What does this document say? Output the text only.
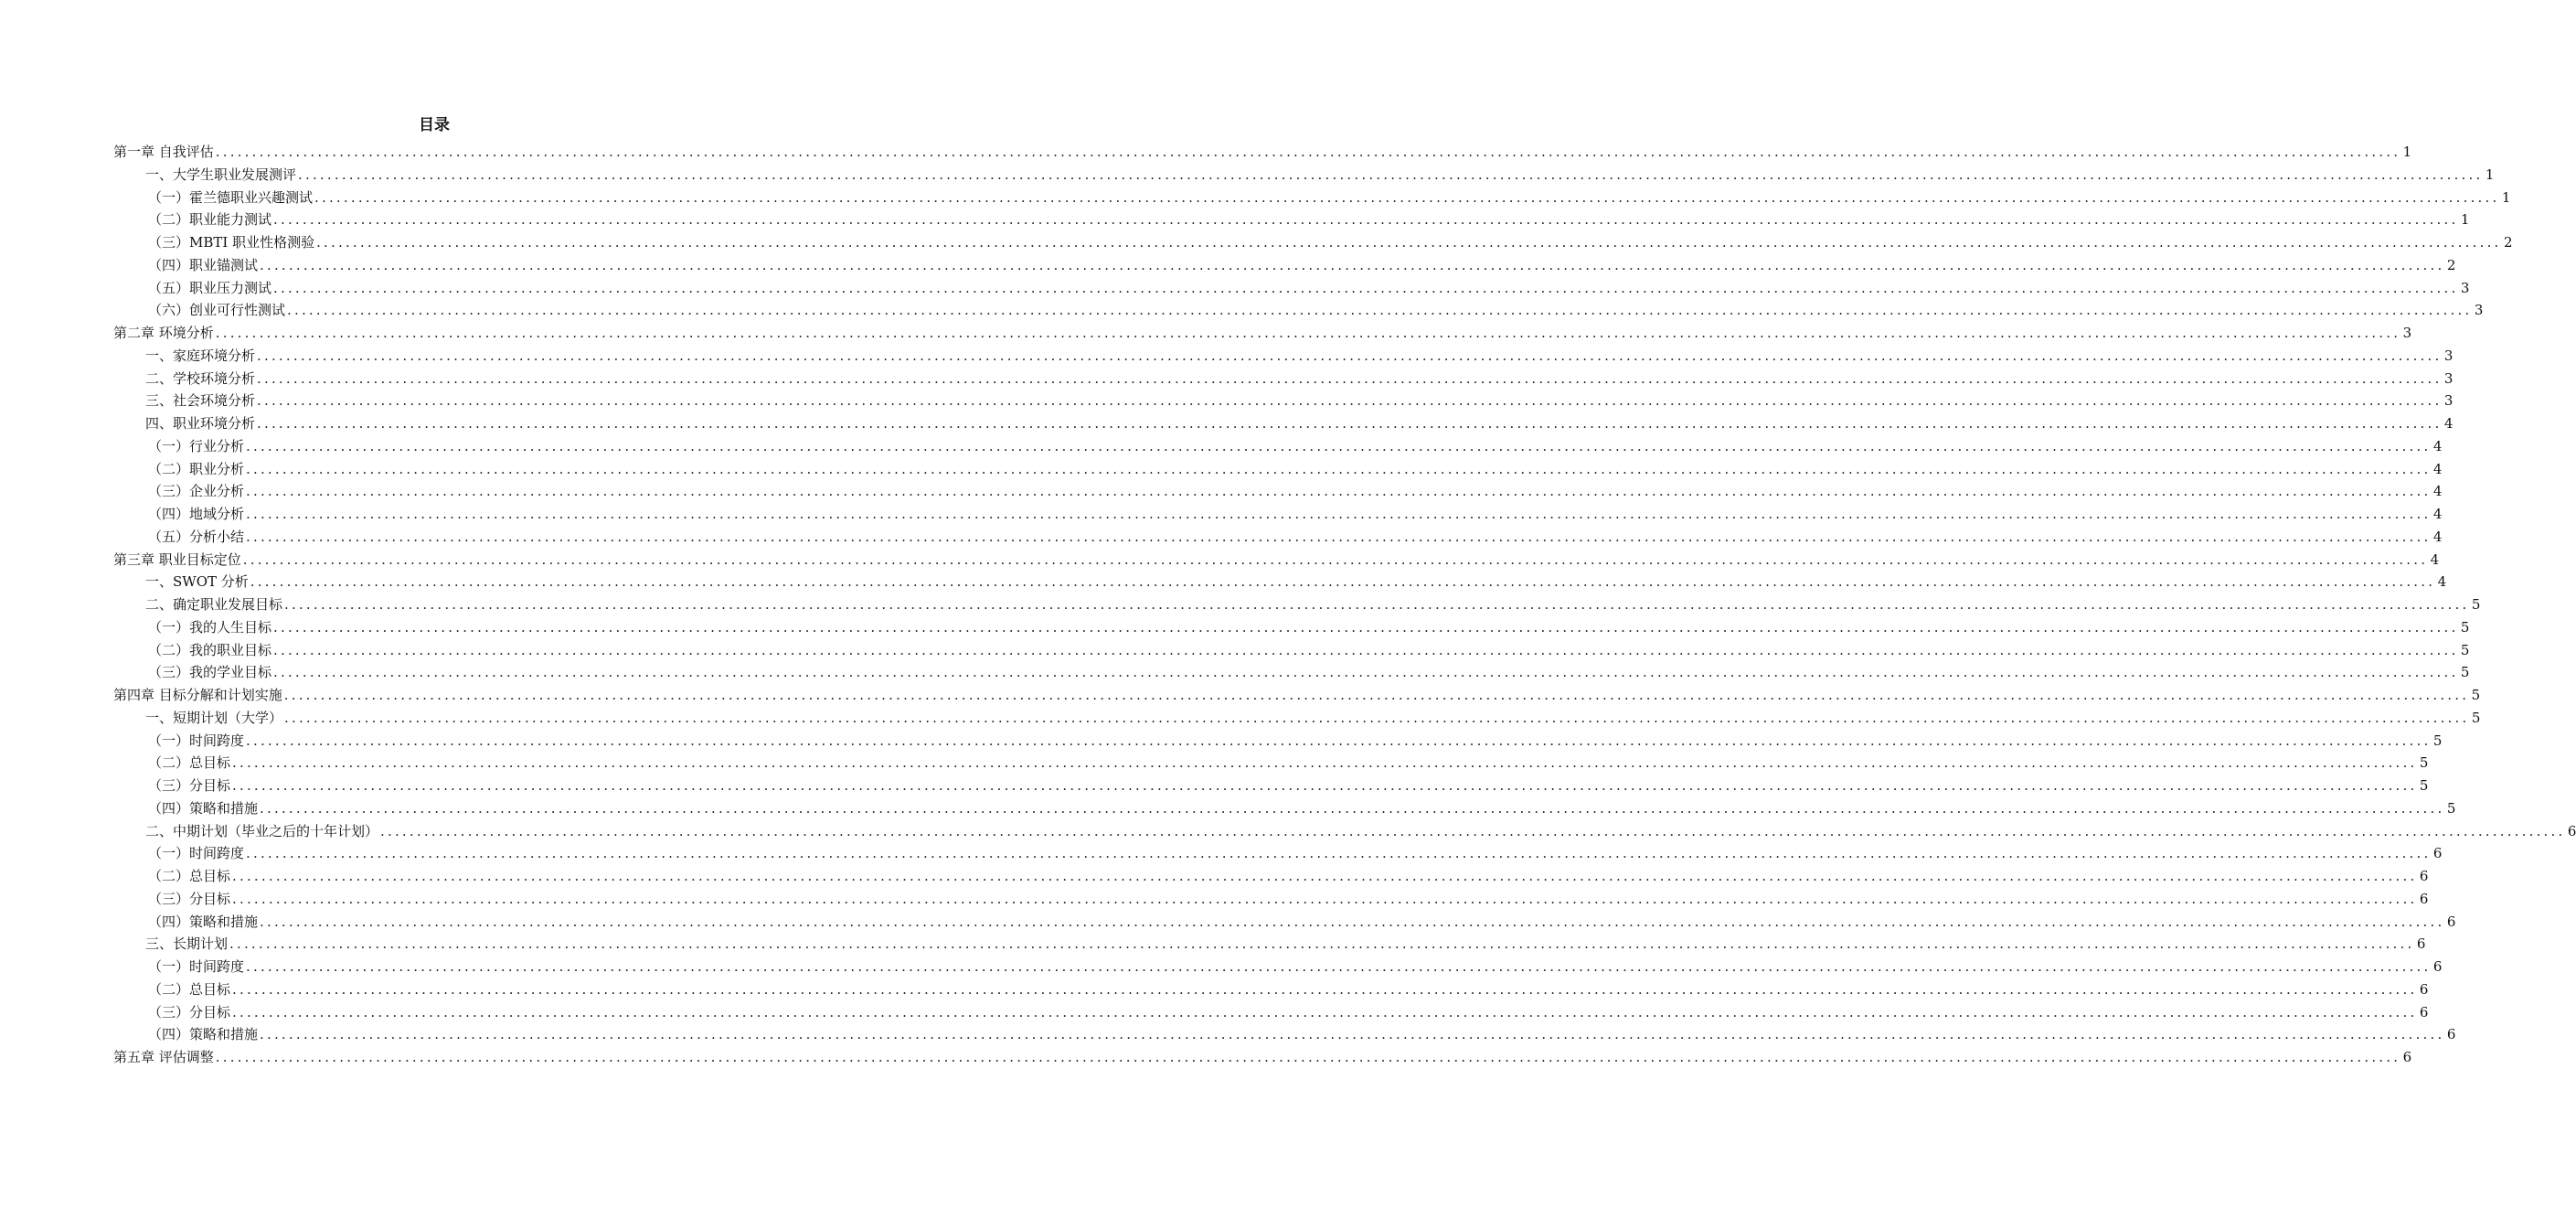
目录
第一章 自我评估 ............................................................................................................................................................................................................................................................................................................ 1
一、大学生职业发展测评 ............................................................................................................................................................................................................................................................................................................ 1
（一）霍兰德职业兴趣测试 ............................................................................................................................................................................................................................................................................................................ 1
（二）职业能力测试 ............................................................................................................................................................................................................................................................................................................ 1
（三）MBTI 职业性格测验 ............................................................................................................................................................................................................................................................................................................ 2
（四）职业锚测试 ............................................................................................................................................................................................................................................................................................................ 2
（五）职业压力测试 ............................................................................................................................................................................................................................................................................................................ 3
（六）创业可行性测试 ............................................................................................................................................................................................................................................................................................................ 3
第二章 环境分析 ............................................................................................................................................................................................................................................................................................................ 3
一、家庭环境分析 ............................................................................................................................................................................................................................................................................................................ 3
二、学校环境分析 ............................................................................................................................................................................................................................................................................................................ 3
三、社会环境分析 ............................................................................................................................................................................................................................................................................................................ 3
四、职业环境分析 ............................................................................................................................................................................................................................................................................................................ 4
（一）行业分析 ............................................................................................................................................................................................................................................................................................................ 4
（二）职业分析 ............................................................................................................................................................................................................................................................................................................ 4
（三）企业分析 ............................................................................................................................................................................................................................................................................................................ 4
（四）地域分析 ............................................................................................................................................................................................................................................................................................................ 4
（五）分析小结 ............................................................................................................................................................................................................................................................................................................ 4
第三章 职业目标定位 ............................................................................................................................................................................................................................................................................................................ 4
一、SWOT 分析 ............................................................................................................................................................................................................................................................................................................ 4
二、确定职业发展目标 ............................................................................................................................................................................................................................................................................................................ 5
（一）我的人生目标 ............................................................................................................................................................................................................................................................................................................ 5
（二）我的职业目标 ............................................................................................................................................................................................................................................................................................................ 5
（三）我的学业目标 ............................................................................................................................................................................................................................................................................................................ 5
第四章 目标分解和计划实施 ............................................................................................................................................................................................................................................................................................................ 5
一、短期计划（大学） ............................................................................................................................................................................................................................................................................................................ 5
（一）时间跨度 ............................................................................................................................................................................................................................................................................................................ 5
（二）总目标 ............................................................................................................................................................................................................................................................................................................ 5
（三）分目标 ............................................................................................................................................................................................................................................................................................................ 5
（四）策略和措施 ............................................................................................................................................................................................................................................................................................................ 5
二、中期计划（毕业之后的十年计划） ............................................................................................................................................................................................................................................................................................................ 6
（一）时间跨度 ............................................................................................................................................................................................................................................................................................................ 6
（二）总目标 ............................................................................................................................................................................................................................................................................................................ 6
（三）分目标 ............................................................................................................................................................................................................................................................................................................ 6
（四）策略和措施 ............................................................................................................................................................................................................................................................................................................ 6
三、长期计划 ............................................................................................................................................................................................................................................................................................................ 6
（一）时间跨度 ............................................................................................................................................................................................................................................................................................................ 6
（二）总目标 ............................................................................................................................................................................................................................................................................................................ 6
（三）分目标 ............................................................................................................................................................................................................................................................................................................ 6
（四）策略和措施 ............................................................................................................................................................................................................................................................................................................ 6
第五章 评估调整 ............................................................................................................................................................................................................................................................................................................ 6
